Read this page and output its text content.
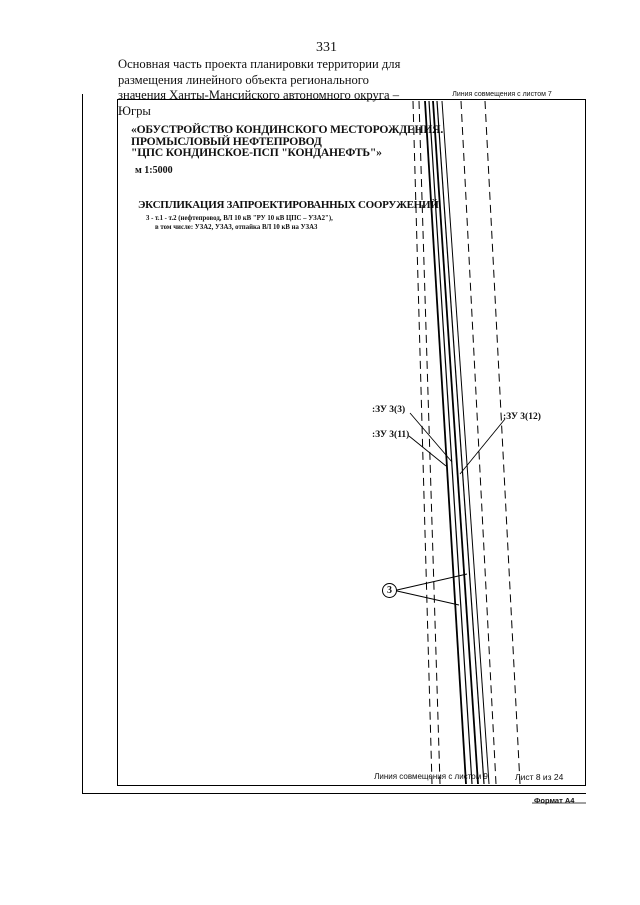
331
Основная часть проекта планировки территории для
размещения линейного объекта регионального
значения Ханты-Мансийского автономного округа –
Югры
Линия совмещения с листом 7
«ОБУСТРОЙСТВО КОНДИНСКОГО МЕСТОРОЖДЕНИЯ.
ПРОМЫСЛОВЫЙ НЕФТЕПРОВОД
"ЦПС КОНДИНСКОЕ-ПСП "КОНДАНЕФТЬ"»
м 1:5000
ЭКСПЛИКАЦИЯ ЗАПРОЕКТИРОВАННЫХ СООРУЖЕНИЙ
3 - т.1 - т.2 (нефтепровод, ВЛ 10 кВ "РУ 10 кВ ЦПС – УЗА2"),
в том числе: УЗА2, УЗА3, отпайка ВЛ 10 кВ на УЗА3
:ЗУ 3(3)
:ЗУ 3(11)
:ЗУ 3(12)
3
Линия совмещения с листом 9	Лист 8 из 24
Формат А4
